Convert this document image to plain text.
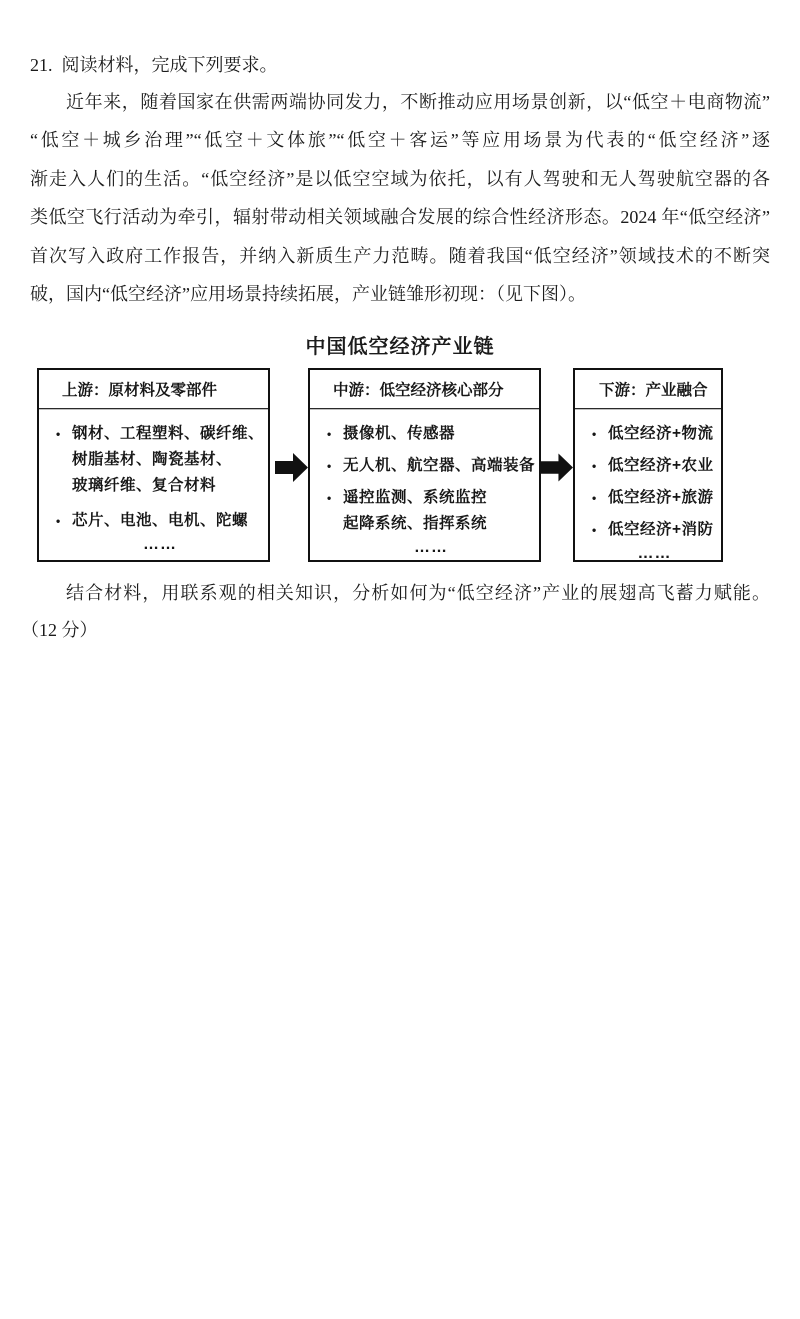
21. 阅读材料，完成下列要求。
近年来，随着国家在供需两端协同发力，不断推动应用场景创新，以“低空＋电商物流”
“低空＋城乡治理”“低空＋文体旅”“低空＋客运”等应用场景为代表的“低空经济”逐
渐走入人们的生活。“低空经济”是以低空空域为依托，以有人驾驶和无人驾驶航空器的各
类低空飞行活动为牵引，辐射带动相关领域融合发展的综合性经济形态。2024 年“低空经济”
首次写入政府工作报告，并纳入新质生产力范畴。随着我国“低空经济”领域技术的不断突
破，国内“低空经济”应用场景持续拓展，产业链雏形初现：（见下图）。
中国低空经济产业链
上游：原材料及零部件
• 钢材、工程塑料、碳纤维、
树脂基材、陶瓷基材、
玻璃纤维、复合材料
• 芯片、电池、电机、陀螺
……
中游：低空经济核心部分
• 摄像机、传感器
• 无人机、航空器、高端装备
• 遥控监测、系统监控
起降系统、指挥系统
……
下游：产业融合
• 低空经济+物流
• 低空经济+农业
• 低空经济+旅游
• 低空经济+消防
……
结合材料，用联系观的相关知识，分析如何为“低空经济”产业的展翅高飞蓄力赋能。
（12 分）
